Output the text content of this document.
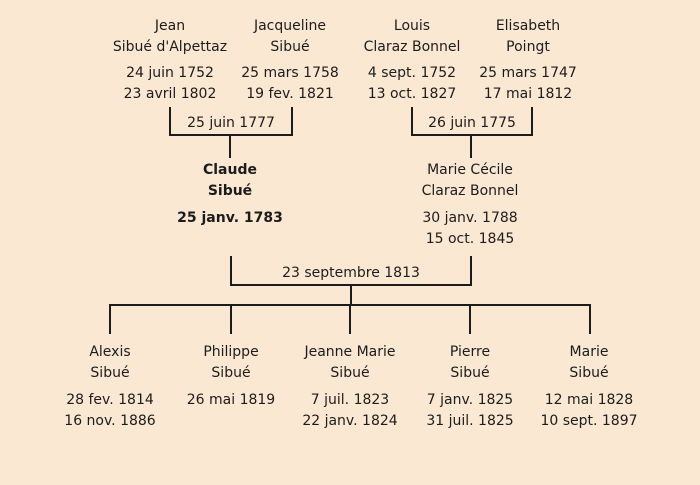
Jean
Sibué d'Alpettaz
24 juin 1752
23 avril 1802
Jacqueline
Sibué
25 mars 1758
19 fev. 1821
Louis
Claraz Bonnel
4 sept. 1752
13 oct. 1827
Elisabeth
Poingt
25 mars 1747
17 mai 1812
25 juin 1777	26 juin 1775
Claude
Sibué
25 janv. 1783
Marie Cécile
Claraz Bonnel
30 janv. 1788
15 oct. 1845
23 septembre 1813
Alexis
Sibué
28 fev. 1814
16 nov. 1886
Philippe
Sibué
26 mai 1819
Jeanne Marie
Sibué
7 juil. 1823
22 janv. 1824
Pierre
Sibué
7 janv. 1825
31 juil. 1825
Marie
Sibué
12 mai 1828
10 sept. 1897
